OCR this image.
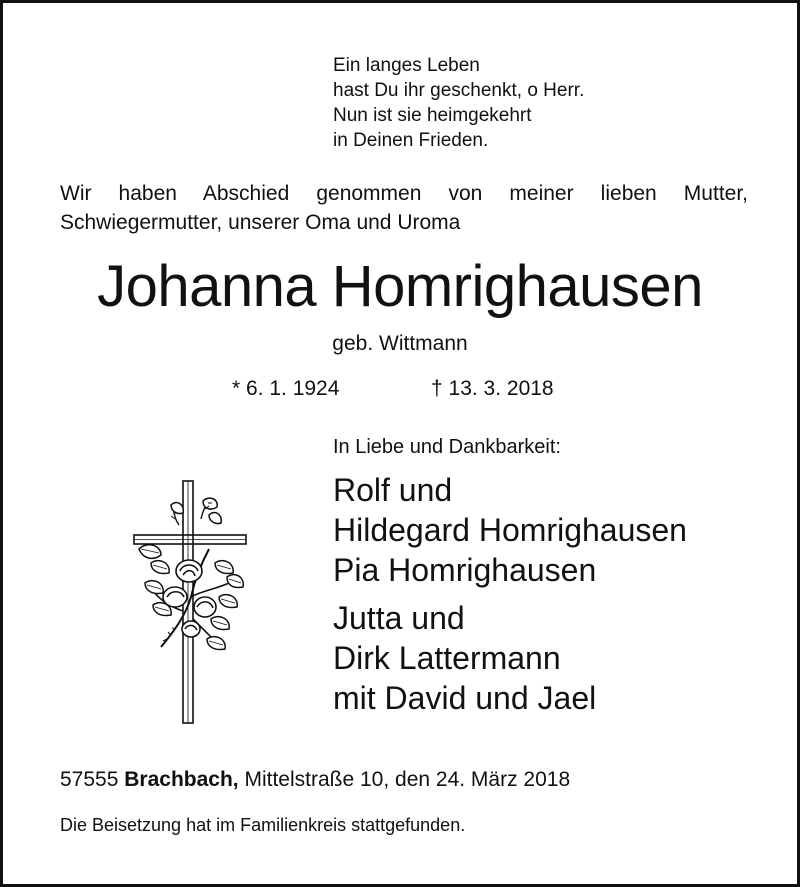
Ein langes Leben
hast Du ihr geschenkt, o Herr.
Nun ist sie heimgekehrt
in Deinen Frieden.
Wir haben Abschied genommen von meiner lieben Mutter,
Schwiegermutter, unserer Oma und Uroma
Johanna Homrighausen
geb. Wittmann
* 6. 1. 1924	† 13. 3. 2018
In Liebe und Dankbarkeit:
Rolf und
Hildegard Homrighausen
Pia Homrighausen
Jutta und
Dirk Lattermann
mit David und Jael
57555 Brachbach, Mittelstraße 10, den 24. März 2018
Die Beisetzung hat im Familienkreis stattgefunden.
